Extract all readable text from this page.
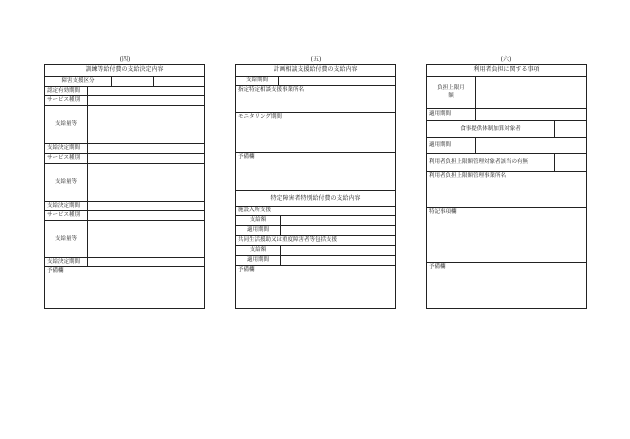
(四)
訓練等給付費の支給決定内容
障害支援区分
認定有効期間
サービス種別
支給量等
支給決定期間
サービス種別
支給量等
支給決定期間
サービス種別
支給量等
支給決定期間
予備欄
(五)
計画相談支援給付費の支給内容
支給期間
指定特定相談支援事業所名
モニタリング期間
予備欄
特定障害者特別給付費の支給内容
施設入所支援
支給額
適用期間
共同生活援助又は重度障害者等包括支援
支給額
適用期間
予備欄
(六)
利用者負担に関する事項
負担上限月額
適用期間
食事提供体制加算対象者
適用期間
利用者負担上限額管理対象者該当の有無
利用者負担上限額管理事業所名
特記事項欄
予備欄
